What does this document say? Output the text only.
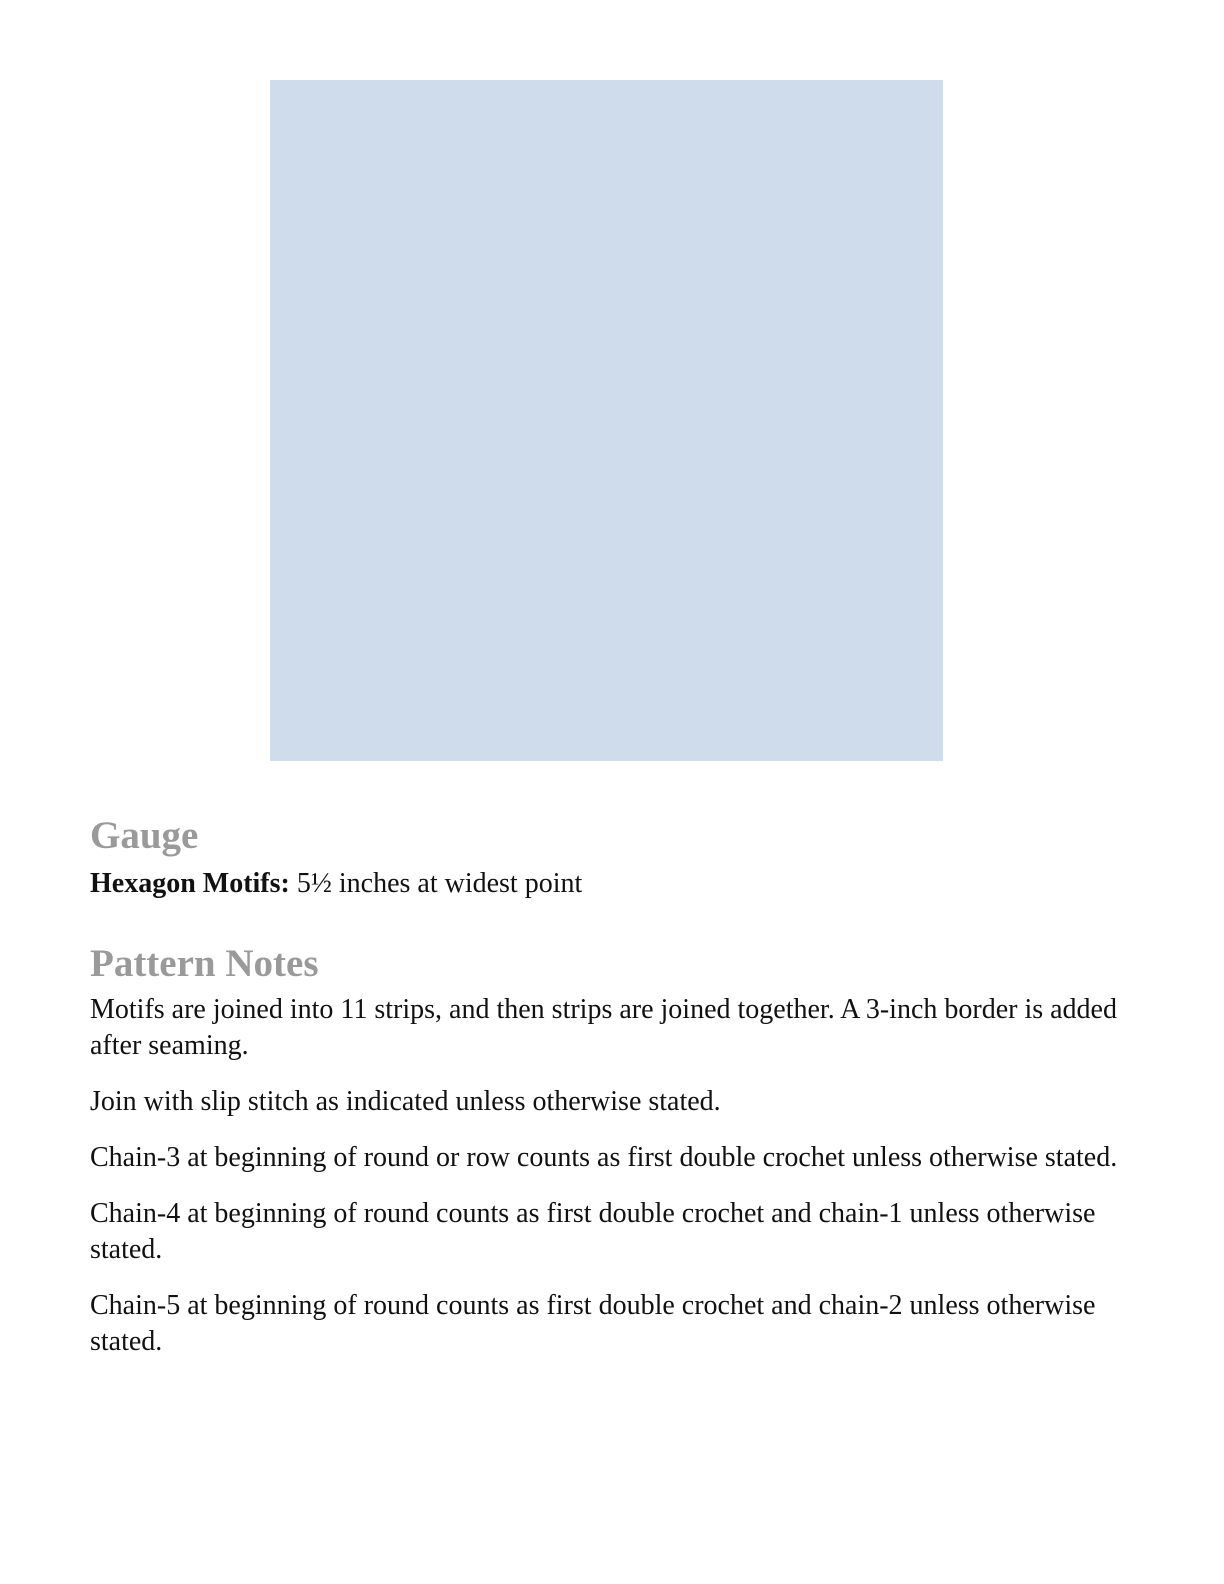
Gauge

Hexagon Motifs: 5½ inches at widest point

Pattern Notes

Motifs are joined into 11 strips, and then strips are joined together. A 3-inch border is added after seaming.

Join with slip stitch as indicated unless otherwise stated.

Chain-3 at beginning of round or row counts as first double crochet unless otherwise stated.

Chain-4 at beginning of round counts as first double crochet and chain-1 unless otherwise stated.

Chain-5 at beginning of round counts as first double crochet and chain-2 unless otherwise stated.
